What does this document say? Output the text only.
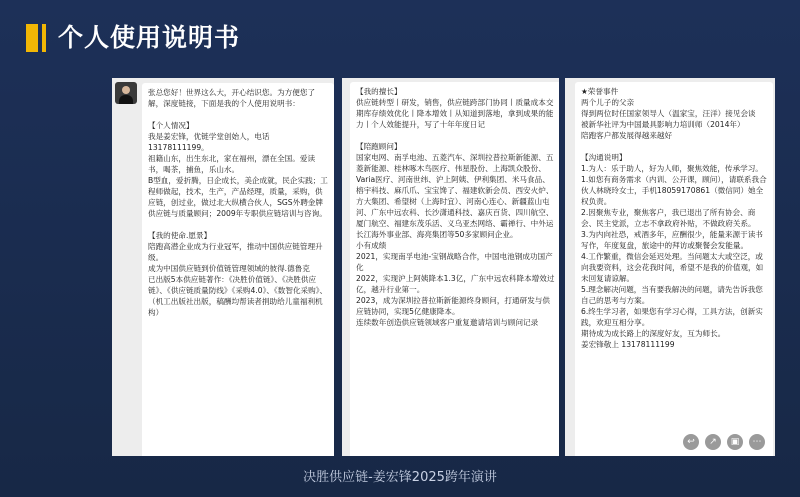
个人使用说明书
张总您好！世界这么大，开心结识您。为方便您了解，深度链接，下面是我的个人使用说明书：

【个人情况】
我是姜宏锋，优链学堂创始人，电话13178111199。
祖籍山东，出生东北，家在福州，漂在全国。爱读书，喝茶，捕鱼，乐山水。
B型血，爱折腾，日企成长，美企成就，民企实践；工程师做起，技术，生产，产品经理，质量，采购，供应链，创过业，做过北大纵横合伙人，SGS外聘金牌供应链与质量顾问；2009年专职供应链培训与咨询。

【我的使命.愿景】
陪跑高潜企业成为行业冠军，推动中国供应链管理升级。
成为中国供应链到价值链管理领域的彼得.德鲁克
已出版5本供应链著作：《决胜价值链》、《决胜供应链》、《供应链质量防线》《采购4.0》、《数智化采购》、（机工出版社出版，稿酬均帮读者捐助给儿童福利机构）
【我的擅长】
供应链转型丨研发，销售，供应链跨部门协同丨质量成本交期库存绩效优化丨降本增效丨从知道到落地，拿到成果的能力丨个人效能提升，写了十年年度日记

【陪跑顾问】
国家电网、南孚电池、五菱汽车、深圳拉普拉斯新能源、五菱新能源、桂林啄木鸟医疗、伟星股份、上海凯众股份、Varia医疗、河南世纬、沪上阿姨、伊利集团、米马食品、榕宇科技、麻爪爪、宝宝馋了、福建软新会员、西安火炉、方大集团、希望树（上海时宜）、河南心连心、新疆蓝山屯河、广东中远农科、长沙潇通科技、嘉庆百货、四川航空、厦门航空、福建东茂乐活、义乌亚杰网络、霸禅行、中外运长江海外事业部、海亮集团等50多家顾问企业。
小有成绩
2021，实现南孚电池-宝钢战略合作，中国电池钢成功国产化
2022，实现沪上阿姨降本1.3亿，广东中远农科降本增效过亿，越升行业第一。
2023，成为深圳拉普拉斯新能源终身顾问，打通研发与供应链协同，实现5亿健康降本。
连续数年创造供应链领域客户重复邀请培训与顾问记录
★荣誉事件
两个儿子的父亲
得到两位时任国家领导人（温家宝，汪洋）接见会谈
被新华社评为中国最具影响力培训师（2014年）
陪跑客户都发展得越来越好

【沟通说明】
1.为人：乐于助人，好为人师，聚焦效能，传承学习。
1.如您有商务需求（内训、公开课，顾问），请联系我合伙人林晓玲女士，手机18059170861（微信同）她全权负责。
2.因聚焦专业，聚焦客户，我已退出了所有协会、商会、民主党派，立志不拿政府补贴，不做政府关系。
3.为内向社恐，戒酒多年，应酬很少，能量来源于读书写作，年度复盘，旅途中的拜访或聚餐会发能量。
4.工作繁重，微信会延迟处理。当问题太大或空泛，或向我要资料，这会花我时间，希望不是我的价值观，如未回复请谅解。
5.理念解决问题，当有要我解决的问题，请先告诉我您自己的思考与方案。
6.终生学习者，如果您有学习心得，工具方法，创新实践，欢迎互相分享。
期待成为成长路上的深度好友，互为师长。
姜宏锋敬上 13178111199
↩	↗	▣	⋯
决胜供应链-姜宏锋2025跨年演讲
